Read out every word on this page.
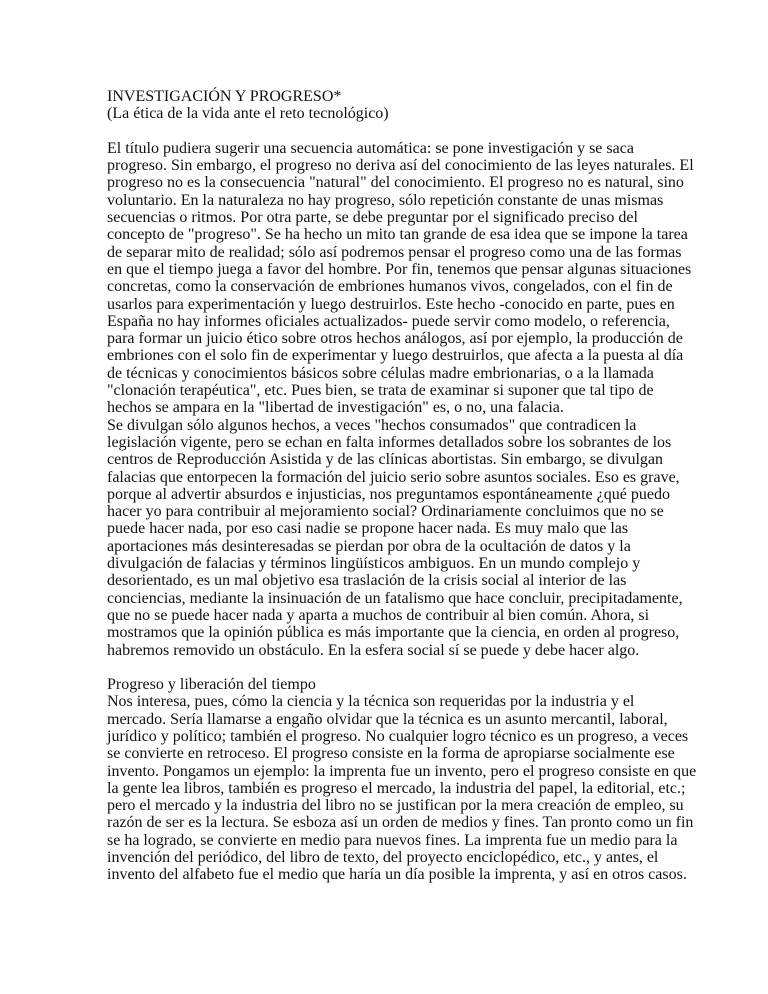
INVESTIGACIÓN Y PROGRESO*
(La ética de la vida ante el reto tecnológico)
El título pudiera sugerir una secuencia automática: se pone investigación y se saca
progreso. Sin embargo, el progreso no deriva así del conocimiento de las leyes naturales. El
progreso no es la consecuencia "natural" del conocimiento. El progreso no es natural, sino
voluntario. En la naturaleza no hay progreso, sólo repetición constante de unas mismas
secuencias o ritmos. Por otra parte, se debe preguntar por el significado preciso del
concepto de "progreso". Se ha hecho un mito tan grande de esa idea que se impone la tarea
de separar mito de realidad; sólo así podremos pensar el progreso como una de las formas
en que el tiempo juega a favor del hombre. Por fin, tenemos que pensar algunas situaciones
concretas, como la conservación de embriones humanos vivos, congelados, con el fin de
usarlos para experimentación y luego destruirlos. Este hecho -conocido en parte, pues en
España no hay informes oficiales actualizados- puede servir como modelo, o referencia,
para formar un juicio ético sobre otros hechos análogos, así por ejemplo, la producción de
embriones con el solo fin de experimentar y luego destruirlos, que afecta a la puesta al día
de técnicas y conocimientos básicos sobre células madre embrionarias, o a la llamada
"clonación terapéutica", etc. Pues bien, se trata de examinar si suponer que tal tipo de
hechos se ampara en la "libertad de investigación" es, o no, una falacia.
Se divulgan sólo algunos hechos, a veces "hechos consumados" que contradicen la
legislación vigente, pero se echan en falta informes detallados sobre los sobrantes de los
centros de Reproducción Asistida y de las clínicas abortistas. Sin embargo, se divulgan
falacias que entorpecen la formación del juicio serio sobre asuntos sociales. Eso es grave,
porque al advertir absurdos e injusticias, nos preguntamos espontáneamente ¿qué puedo
hacer yo para contribuir al mejoramiento social? Ordinariamente concluimos que no se
puede hacer nada, por eso casi nadie se propone hacer nada. Es muy malo que las
aportaciones más desinteresadas se pierdan por obra de la ocultación de datos y la
divulgación de falacias y términos lingüísticos ambiguos. En un mundo complejo y
desorientado, es un mal objetivo esa traslación de la crisis social al interior de las
conciencias, mediante la insinuación de un fatalismo que hace concluir, precipitadamente,
que no se puede hacer nada y aparta a muchos de contribuir al bien común. Ahora, si
mostramos que la opinión pública es más importante que la ciencia, en orden al progreso,
habremos removido un obstáculo. En la esfera social sí se puede y debe hacer algo.
Progreso y liberación del tiempo
Nos interesa, pues, cómo la ciencia y la técnica son requeridas por la industria y el
mercado. Sería llamarse a engaño olvidar que la técnica es un asunto mercantil, laboral,
jurídico y político; también el progreso. No cualquier logro técnico es un progreso, a veces
se convierte en retroceso. El progreso consiste en la forma de apropiarse socialmente ese
invento. Pongamos un ejemplo: la imprenta fue un invento, pero el progreso consiste en que
la gente lea libros, también es progreso el mercado, la industria del papel, la editorial, etc.;
pero el mercado y la industria del libro no se justifican por la mera creación de empleo, su
razón de ser es la lectura. Se esboza así un orden de medios y fines. Tan pronto como un fin
se ha logrado, se convierte en medio para nuevos fines. La imprenta fue un medio para la
invención del periódico, del libro de texto, del proyecto enciclopédico, etc., y antes, el
invento del alfabeto fue el medio que haría un día posible la imprenta, y así en otros casos.
